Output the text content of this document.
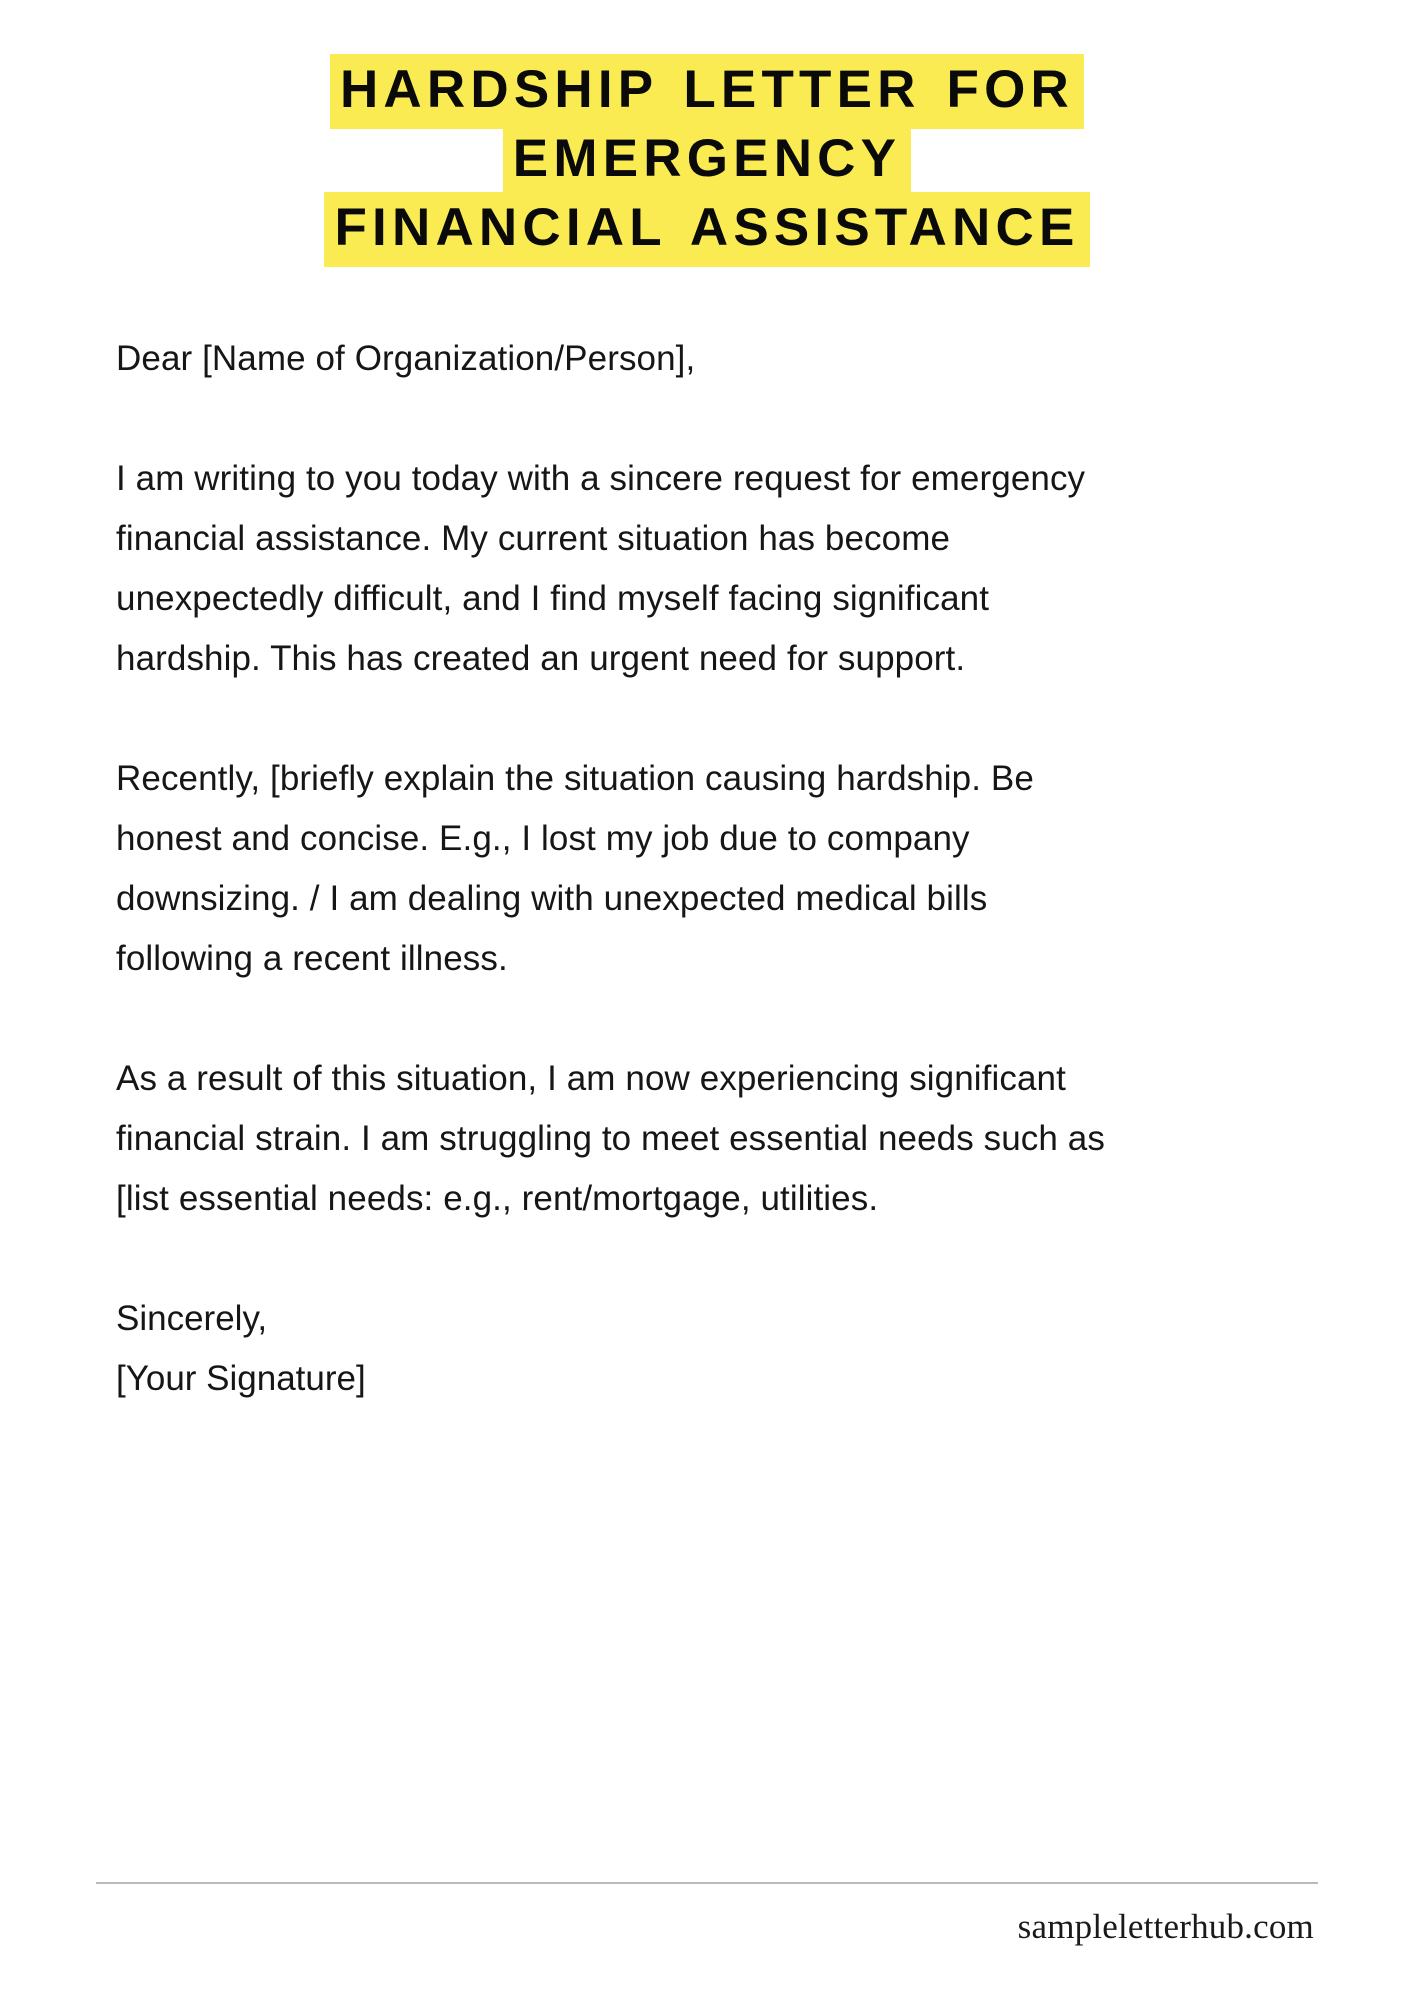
HARDSHIP LETTER FOR EMERGENCY
FINANCIAL ASSISTANCE

Dear [Name of Organization/Person],

I am writing to you today with a sincere request for emergency financial assistance. My current situation has become unexpectedly difficult, and I find myself facing significant hardship. This has created an urgent need for support.

Recently, [briefly explain the situation causing hardship. Be honest and concise. E.g., I lost my job due to company downsizing. / I am dealing with unexpected medical bills following a recent illness.

As a result of this situation, I am now experiencing significant financial strain. I am struggling to meet essential needs such as [list essential needs: e.g., rent/mortgage, utilities.

Sincerely,

[Your Signature]

sampleletterhub.com
